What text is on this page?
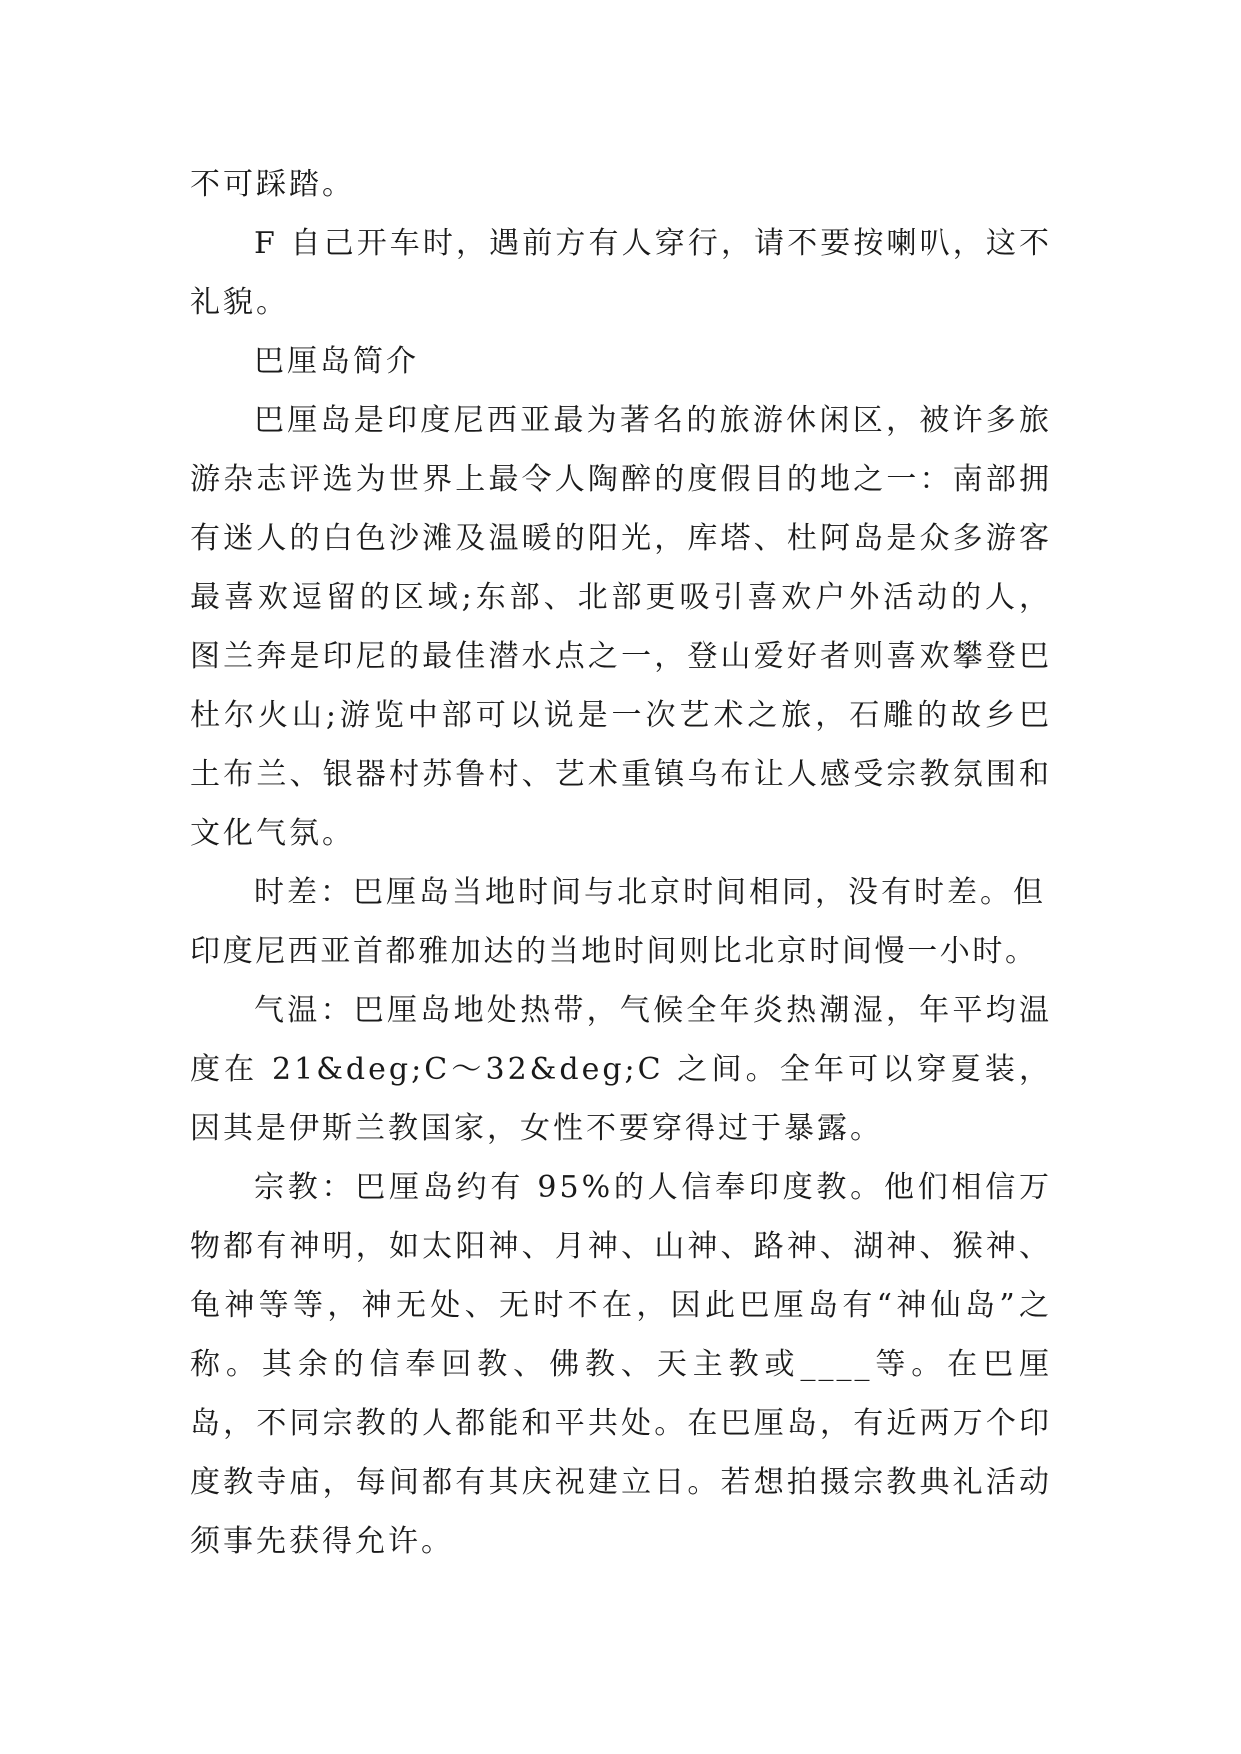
不可踩踏。

F 自己开车时，遇前方有人穿行，请不要按喇叭，这不礼貌。

巴厘岛简介

巴厘岛是印度尼西亚最为著名的旅游休闲区，被许多旅游杂志评选为世界上最令人陶醉的度假目的地之一：南部拥有迷人的白色沙滩及温暖的阳光，库塔、杜阿岛是众多游客最喜欢逗留的区域;东部、北部更吸引喜欢户外活动的人，图兰奔是印尼的最佳潜水点之一，登山爱好者则喜欢攀登巴杜尔火山;游览中部可以说是一次艺术之旅，石雕的故乡巴土布兰、银器村苏鲁村、艺术重镇乌布让人感受宗教氛围和文化气氛。

时差：巴厘岛当地时间与北京时间相同，没有时差。但

印度尼西亚首都雅加达的当地时间则比北京时间慢一小时。

气温：巴厘岛地处热带，气候全年炎热潮湿，年平均温度在 21&deg;C～32&deg;C 之间。全年可以穿夏装，因其是伊斯兰教国家，女性不要穿得过于暴露。

宗教：巴厘岛约有 95%的人信奉印度教。他们相信万物都有神明，如太阳神、月神、山神、路神、湖神、猴神、龟神等等，神无处、无时不在，因此巴厘岛有“神仙岛”之称。其余的信奉回教、佛教、天主教或____等。在巴厘岛，不同宗教的人都能和平共处。在巴厘岛，有近两万个印度教寺庙，每间都有其庆祝建立日。若想拍摄宗教典礼活动须事先获得允许。
